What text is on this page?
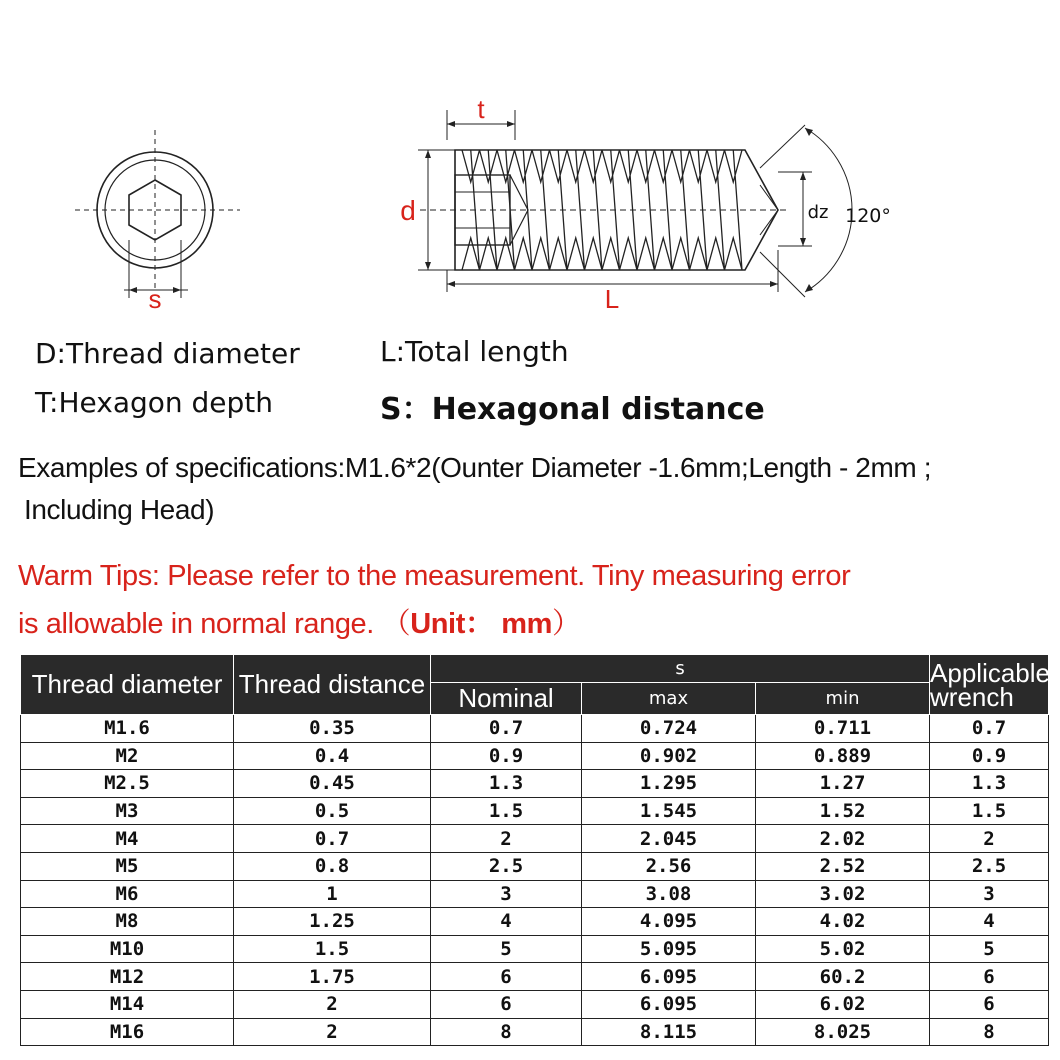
s
t
d
L
dz 120°
D:Thread diameter
T:Hexagon depth
L:Total length
S：Hexagonal distance
Examples of specifications:M1.6*2(Ounter Diameter -1.6mm;Length - 2mm ;
Including Head)
Warm Tips: Please refer to the measurement. Tiny measuring error
is allowable in normal range. （Unit： mm）
Thread diameter	Thread distance	s			Applicable
wrench

		Nominal	max	min	
M1.6	0.35	0.7	0.724	0.711	0.7
M2	0.4	0.9	0.902	0.889	0.9
M2.5	0.45	1.3	1.295	1.27	1.3
M3	0.5	1.5	1.545	1.52	1.5
M4	0.7	2	2.045	2.02	2
M5	0.8	2.5	2.56	2.52	2.5
M6	1	3	3.08	3.02	3
M8	1.25	4	4.095	4.02	4
M10	1.5	5	5.095	5.02	5
M12	1.75	6	6.095	60.2	6
M14	2	6	6.095	6.02	6
M16	2	8	8.115	8.025	8
